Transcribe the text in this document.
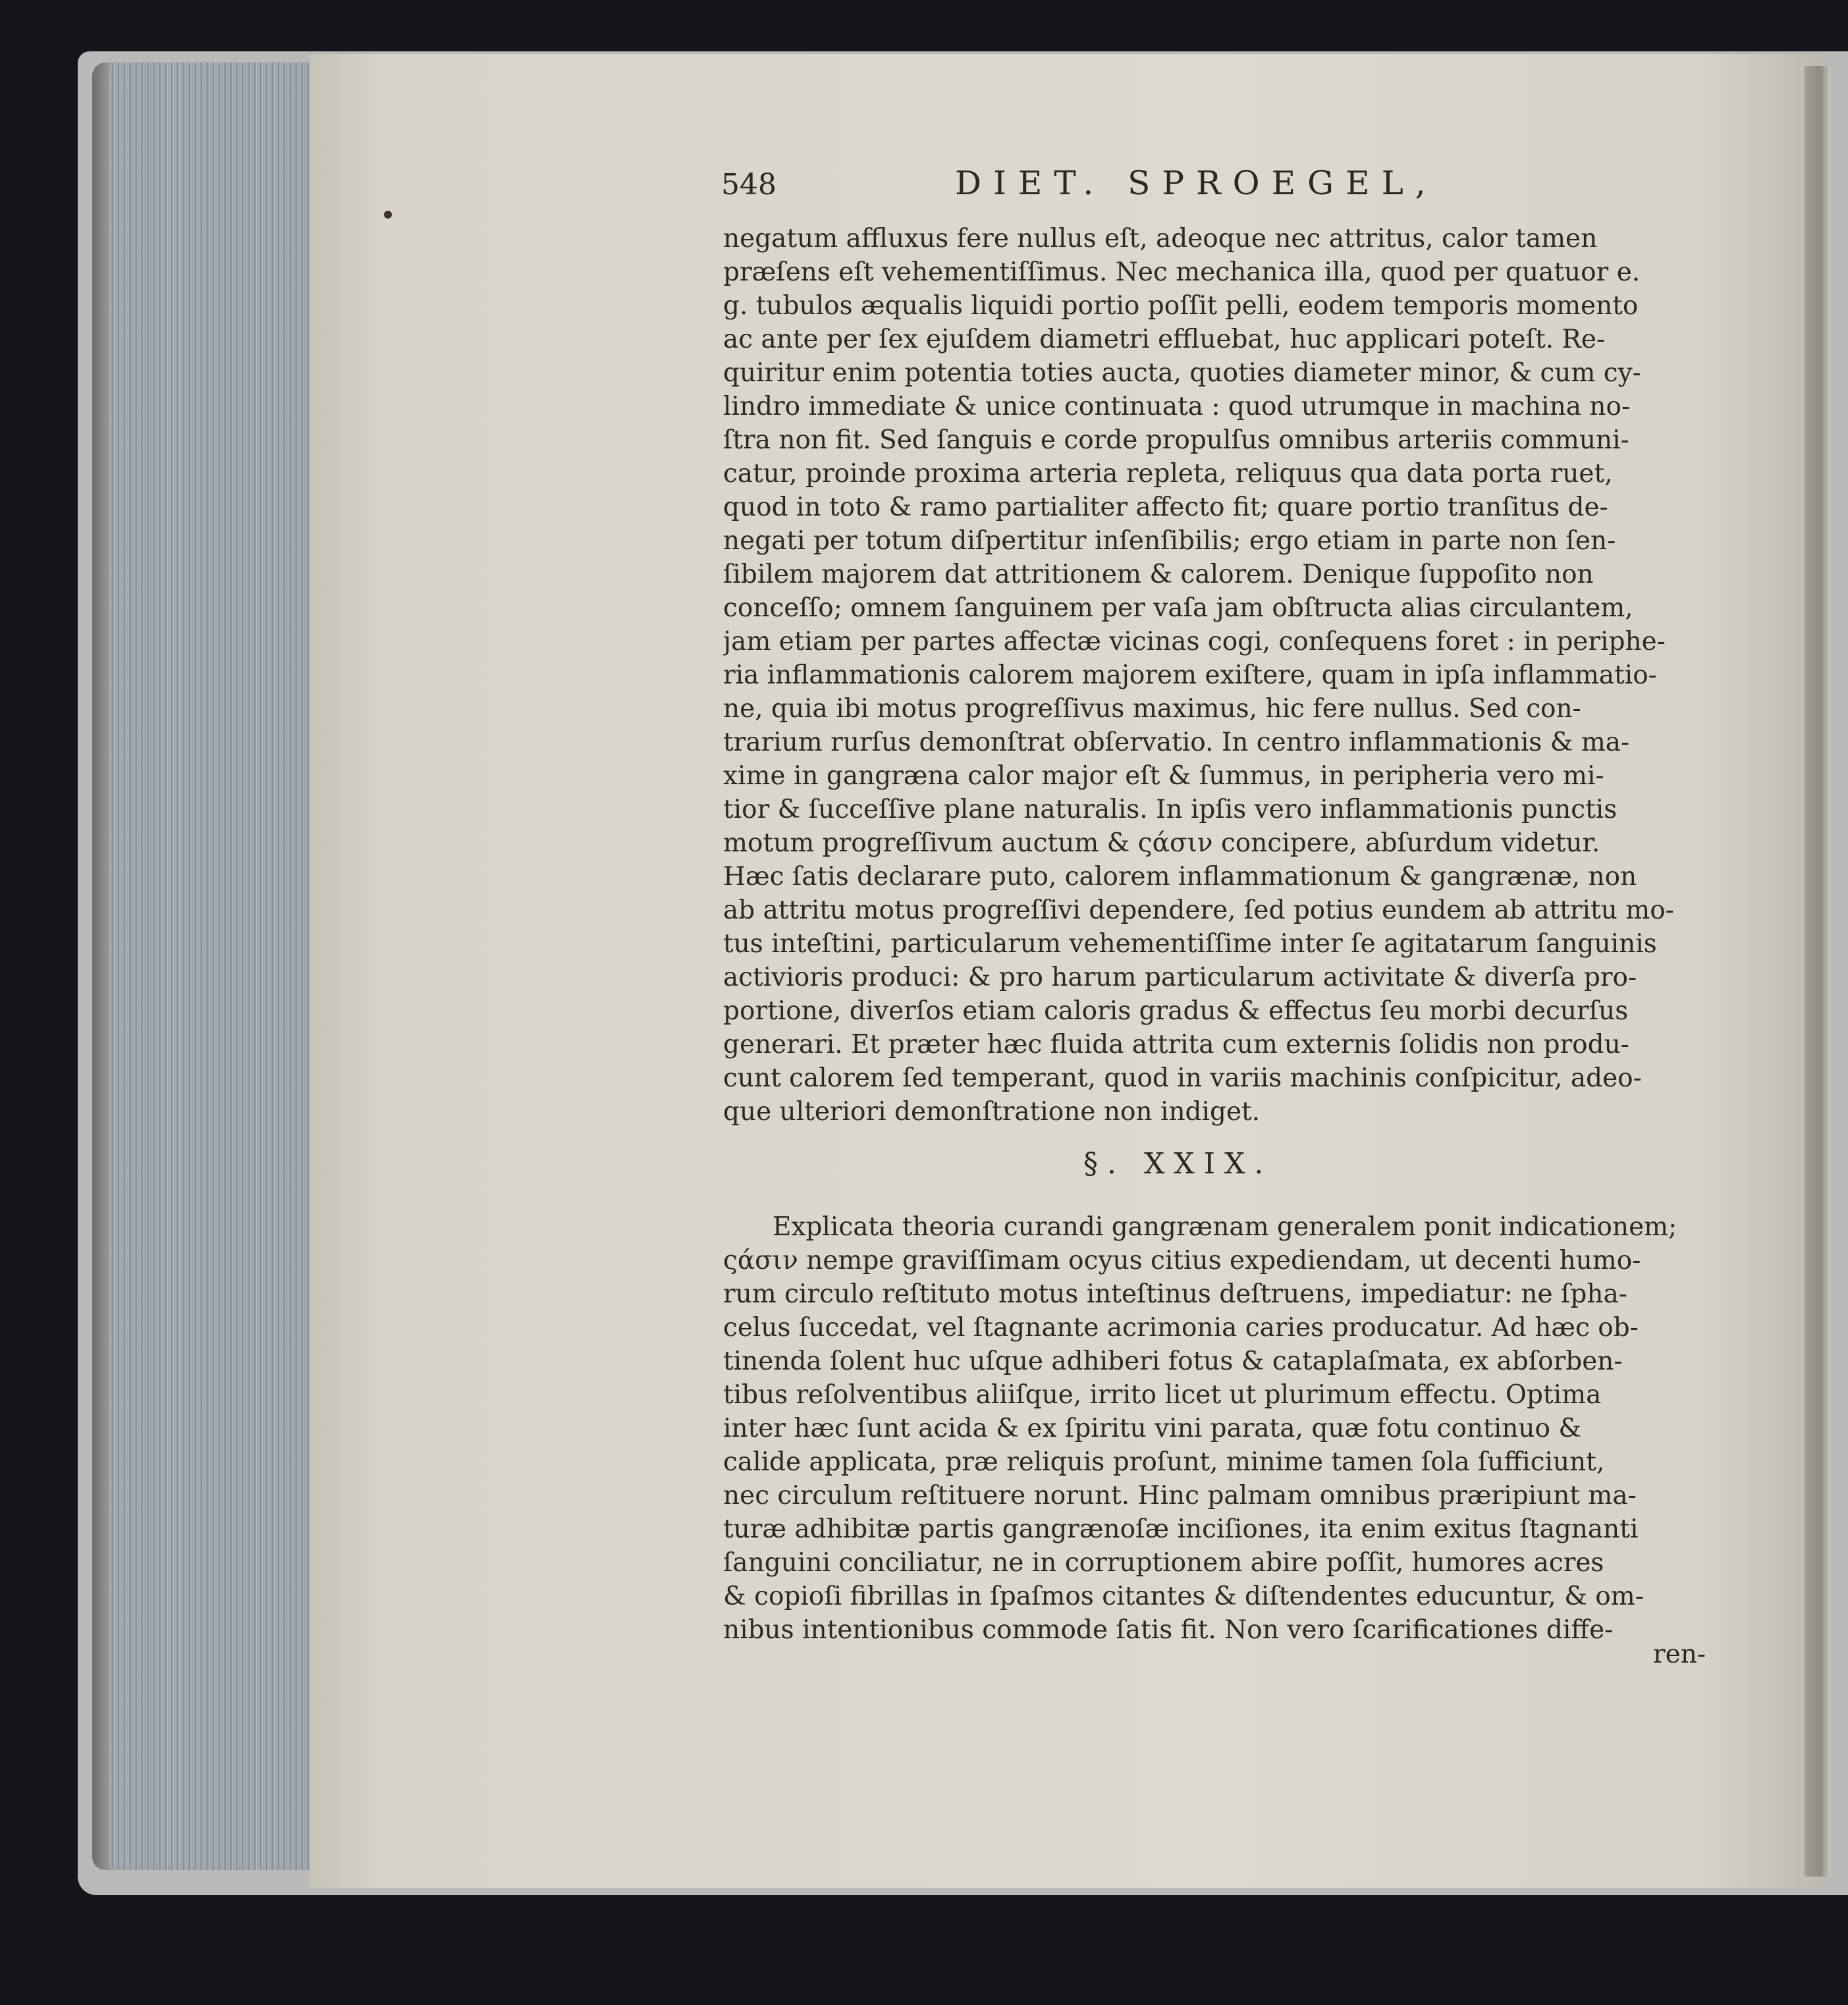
548	DIET. SPROEGEL,
negatum affluxus fere nullus eſt, adeoque nec attritus, calor tamen
præſens eſt vehementiſſimus. Nec mechanica illa, quod per quatuor e.
g. tubulos æqualis liquidi portio poſſit pelli, eodem temporis momento
ac ante per ſex ejuſdem diametri effluebat, huc applicari poteſt. Re-
quiritur enim potentia toties aucta, quoties diameter minor, & cum cy-
lindro immediate & unice continuata : quod utrumque in machina no-
ſtra non fit. Sed ſanguis e corde propulſus omnibus arteriis communi-
catur, proinde proxima arteria repleta, reliquus qua data porta ruet,
quod in toto & ramo partialiter affecto fit; quare portio tranſitus de-
negati per totum diſpertitur inſenſibilis; ergo etiam in parte non ſen-
ſibilem majorem dat attritionem & calorem. Denique ſuppoſito non
conceſſo; omnem ſanguinem per vaſa jam obſtructa alias circulantem,
jam etiam per partes affectæ vicinas cogi, conſequens foret : in periphe-
ria inflammationis calorem majorem exiſtere, quam in ipſa inflammatio-
ne, quia ibi motus progreſſivus maximus, hic fere nullus. Sed con-
trarium rurſus demonſtrat obſervatio. In centro inflammationis & ma-
xime in gangræna calor major eſt & ſummus, in peripheria vero mi-
tior & ſucceſſive plane naturalis. In ipſis vero inflammationis punctis
motum progreſſivum auctum & ςάσιν concipere, abſurdum videtur.
Hæc ſatis declarare puto, calorem inflammationum & gangrænæ, non
ab attritu motus progreſſivi dependere, ſed potius eundem ab attritu mo-
tus inteſtini, particularum vehementiſſime inter ſe agitatarum ſanguinis
activioris produci: & pro harum particularum activitate & diverſa pro-
portione, diverſos etiam caloris gradus & effectus ſeu morbi decurſus
generari. Et præter hæc fluida attrita cum externis ſolidis non produ-
cunt calorem ſed temperant, quod in variis machinis conſpicitur, adeo-
que ulteriori demonſtratione non indiget.
§. XXIX.
Explicata theoria curandi gangrænam generalem ponit indicationem;
ςάσιν nempe graviſſimam ocyus citius expediendam, ut decenti humo-
rum circulo reſtituto motus inteſtinus deſtruens, impediatur: ne ſpha-
celus ſuccedat, vel ſtagnante acrimonia caries producatur. Ad hæc ob-
tinenda ſolent huc uſque adhiberi fotus & cataplaſmata, ex abſorben-
tibus reſolventibus aliiſque, irrito licet ut plurimum effectu. Optima
inter hæc ſunt acida & ex ſpiritu vini parata, quæ fotu continuo &
calide applicata, præ reliquis proſunt, minime tamen ſola ſufficiunt,
nec circulum reſtituere norunt. Hinc palmam omnibus præripiunt ma-
turæ adhibitæ partis gangrænoſæ inciſiones, ita enim exitus ſtagnanti
ſanguini conciliatur, ne in corruptionem abire poſſit, humores acres
& copioſi fibrillas in ſpaſmos citantes & diſtendentes educuntur, & om-
nibus intentionibus commode ſatis fit. Non vero ſcarificationes diffe-
ren-
